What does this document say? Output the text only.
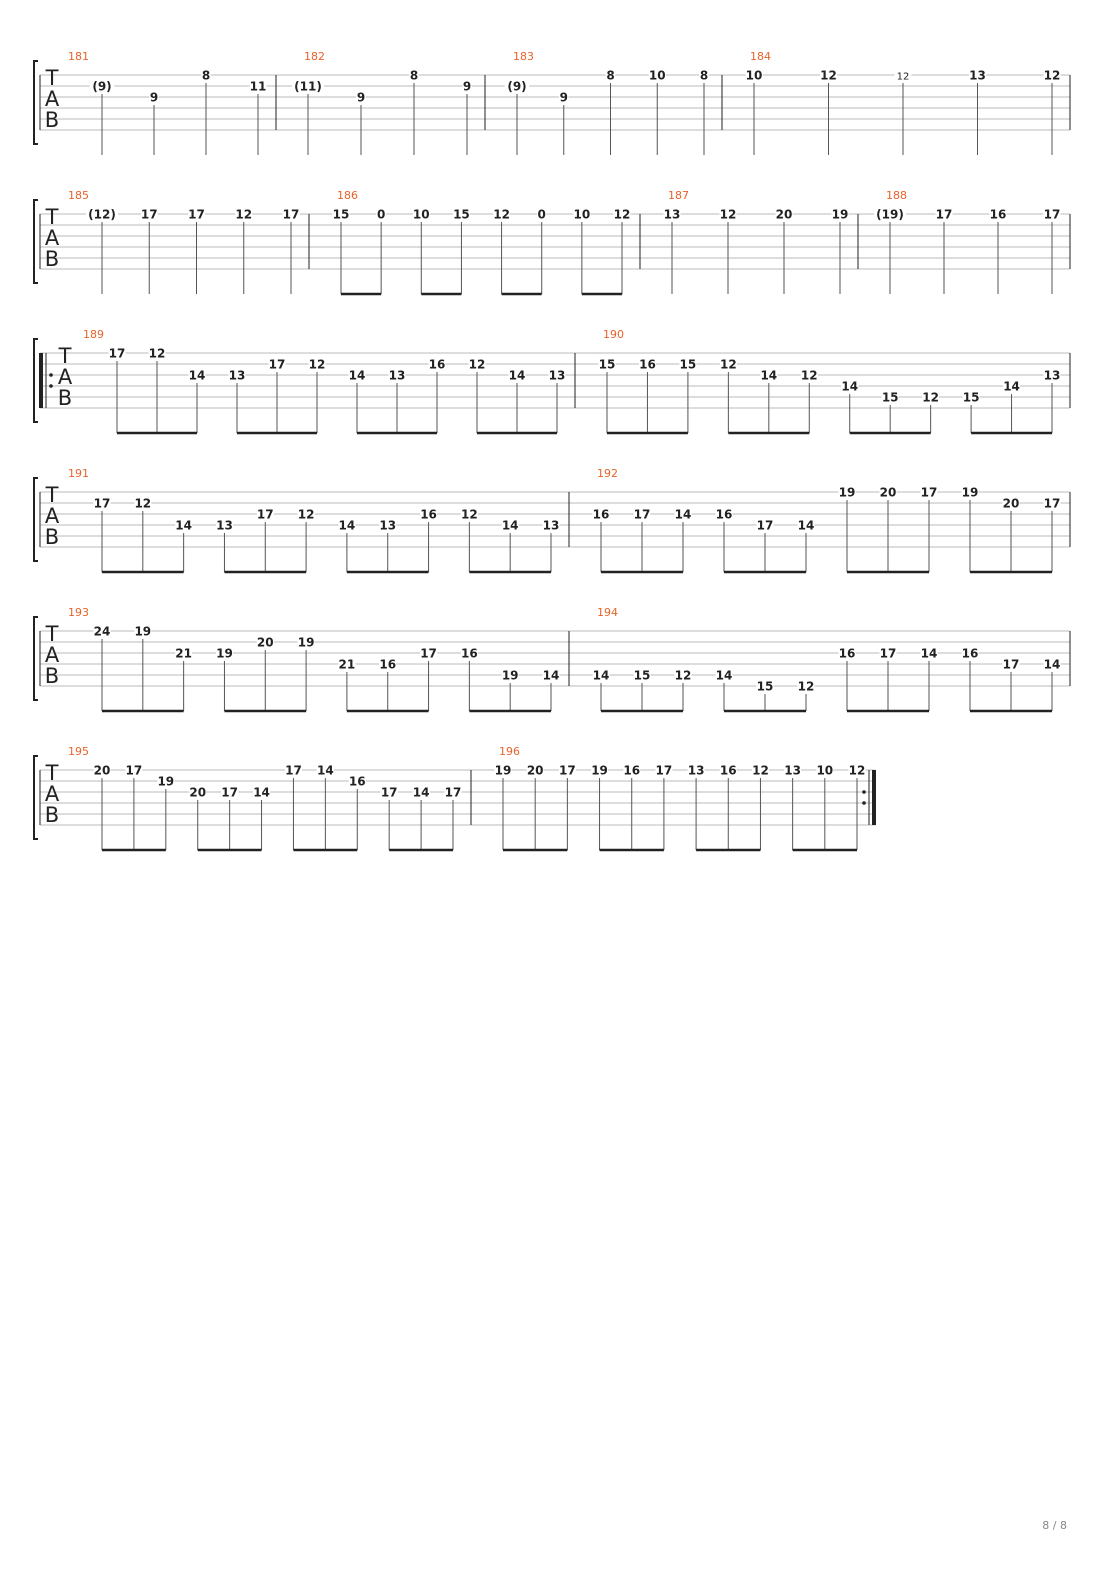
T
A
B
181
(9)
9
8
11
182
(11)
9
8
9
183
(9)
9
8	10	8
184
10	12	12	13	12
T
A
B
185
(12) 17	17	12	17
186
15 0 10 15 12 0 10 12
187
13	12	20	19
188
(19)	17	16	17
T
A
B
189
17 12
14 13
17 12
14 13
16 12
14 13
190
15 16 15 12
14 12
14
15 12 15
14
13
T
A
B
191
17 12
14 13
17 12
14 13
16 12
14 13
192
16 17 14 16
17 14
19 20 17 19
20 17
T
A
B
193
24 19
21 19
20 19
21 16
17 16
19 14
194
14 15 12 14
15 12
16 17 14 16
17 14
T
A
B
195
20 17
19
20 17 14
17 14
16
17 14 17
196
19 20 17 19 16 17 13 16 12 13 10 12
8 / 8
